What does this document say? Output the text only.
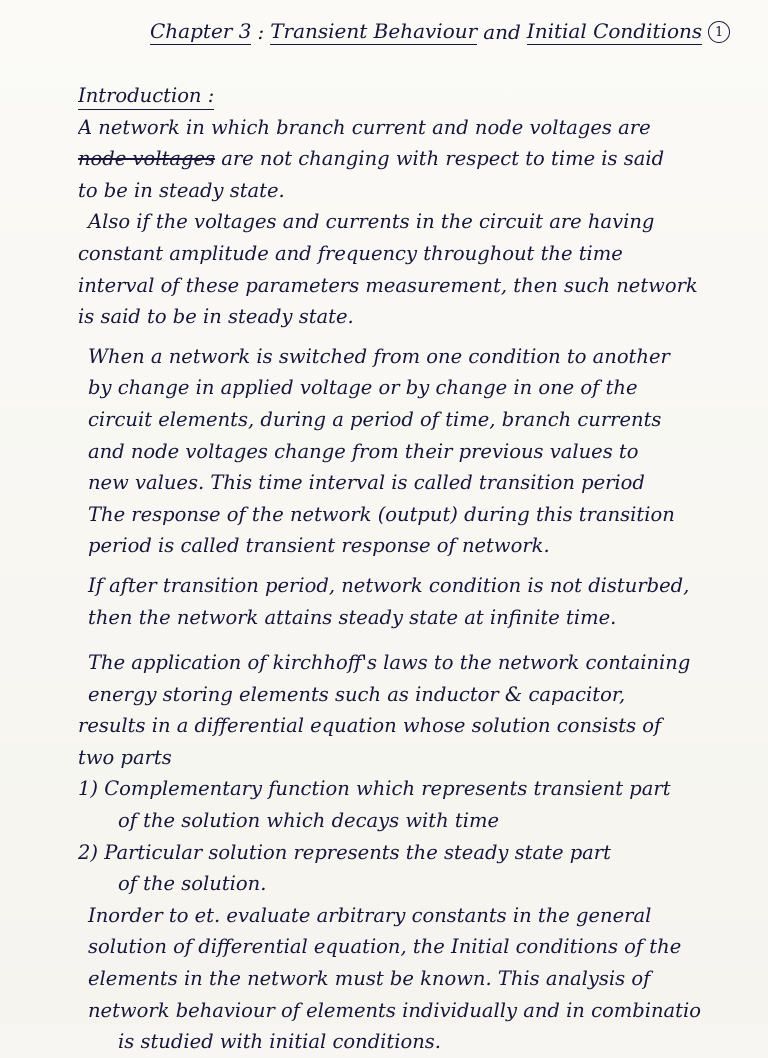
Chapter 3 : Transient Behaviour and Initial Conditions 1
Introduction :
A network in which branch current and node voltages are
node voltages are not changing with respect to time is said
to be in steady state.
Also if the voltages and currents in the circuit are having
constant amplitude and frequency throughout the time
interval of these parameters measurement, then such network
is said to be in steady state.
When a network is switched from one condition to another
by change in applied voltage or by change in one of the
circuit elements, during a period of time, branch currents
and node voltages change from their previous values to
new values. This time interval is called transition period
The response of the network (output) during this transition
period is called transient response of network.
If after transition period, network condition is not disturbed,
then the network attains steady state at infinite time.
The application of kirchhoff's laws to the network containing
energy storing elements such as inductor & capacitor,
results in a differential equation whose solution consists of
two parts
1) Complementary function which represents transient part
of the solution which decays with time
2) Particular solution represents the steady state part
of the solution.
Inorder to et. evaluate arbitrary constants in the general
solution of differential equation, the Initial conditions of the
elements in the network must be known. This analysis of
network behaviour of elements individually and in combinatio
is studied with initial conditions.
